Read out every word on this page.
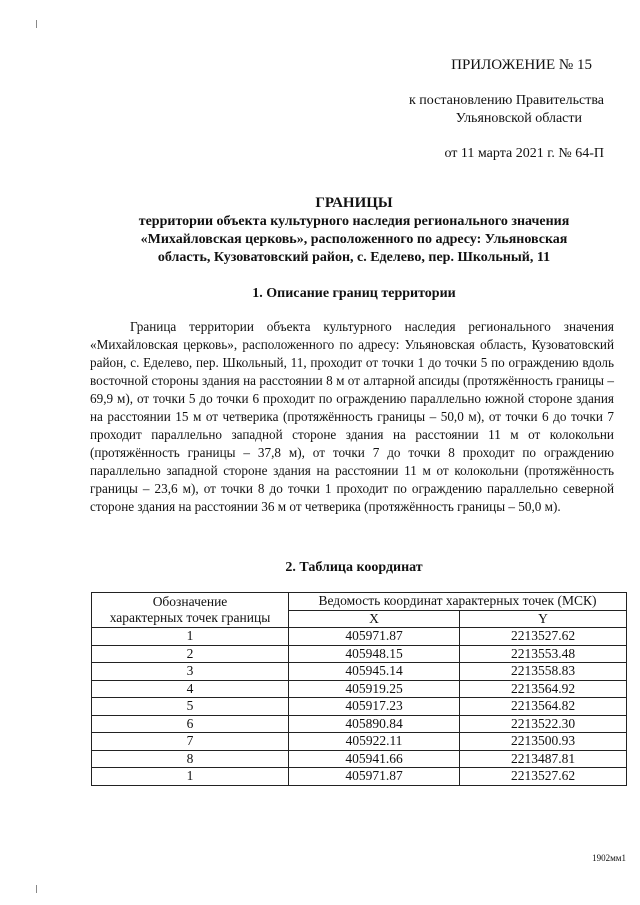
ПРИЛОЖЕНИЕ № 15
к постановлению Правительства
Ульяновской области
от 11 марта 2021 г. № 64-П
ГРАНИЦЫ
территории объекта культурного наследия регионального значения
«Михайловская церковь», расположенного по адресу: Ульяновская
область, Кузоватовский район, с. Еделево, пер. Школьный, 11
1. Описание границ территории

Граница территории объекта культурного наследия регионального значения «Михайловская церковь», расположенного по адресу: Ульяновская область, Кузоватовский район, с. Еделево, пер. Школьный, 11, проходит от точки 1 до точки 5 по ограждению вдоль восточной стороны здания на расстоянии 8 м от алтарной апсиды (протяжённость границы – 69,9 м), от точки 5 до точки 6 проходит по ограждению параллельно южной стороне здания на расстоянии 15 м от четверика (протяжённость границы – 50,0 м), от точки 6 до точки 7 проходит параллельно западной стороне здания на расстоянии 11 м от колокольни (протяжённость границы – 37,8 м), от точки 7 до точки 8 проходит по ограждению параллельно западной стороне здания на расстоянии 11 м от колокольни (протяжённость границы – 23,6 м), от точки 8 до точки 1 проходит по ограждению параллельно северной стороне здания на расстоянии 36 м от четверика (протяжённость границы – 50,0 м).

2. Таблица координат
Обозначение
характерных точек границы	Ведомость координат характерных точек (МСК)	
	X	Y
1	405971.87	2213527.62
2	405948.15	2213553.48
3	405945.14	2213558.83
4	405919.25	2213564.92
5	405917.23	2213564.82
6	405890.84	2213522.30
7	405922.11	2213500.93
8	405941.66	2213487.81
1	405971.87	2213527.62
1902мм1
